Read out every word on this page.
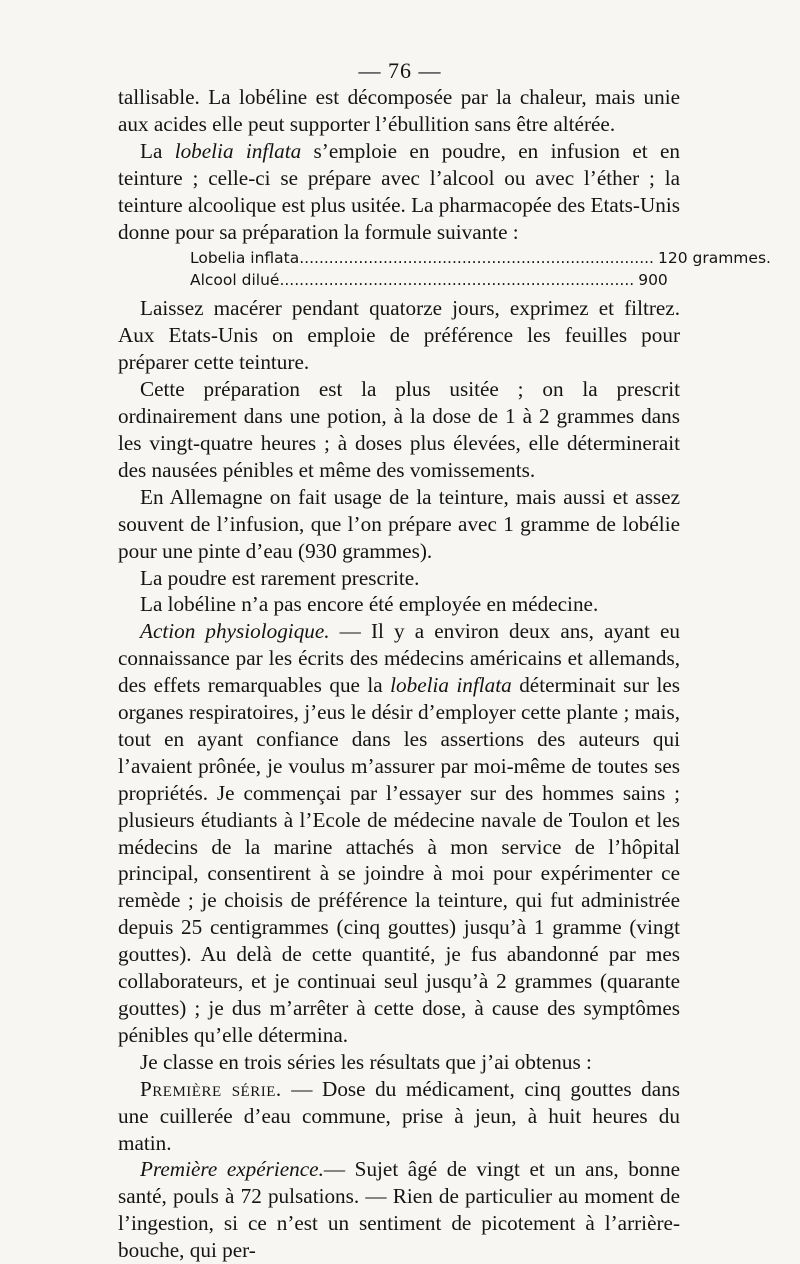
— 76 —

tallisable. La lobéline est décomposée par la chaleur, mais unie aux acides elle peut supporter l’ébullition sans être altérée.

La lobelia inflata s’emploie en poudre, en infusion et en teinture ; celle-ci se prépare avec l’alcool ou avec l’éther ; la teinture alcoolique est plus usitée. La pharmacopée des Etats-Unis donne pour sa préparation la formule suivante :

Lobelia inflata ........................................................................ 120 grammes.
Alcool dilué ........................................................................ 900

Laissez macérer pendant quatorze jours, exprimez et filtrez. Aux Etats-Unis on emploie de préférence les feuilles pour préparer cette teinture.

Cette préparation est la plus usitée ; on la prescrit ordinairement dans une potion, à la dose de 1 à 2 grammes dans les vingt-quatre heures ; à doses plus élevées, elle déterminerait des nausées pénibles et même des vomissements.

En Allemagne on fait usage de la teinture, mais aussi et assez souvent de l’infusion, que l’on prépare avec 1 gramme de lobélie pour une pinte d’eau (930 grammes).

La poudre est rarement prescrite.

La lobéline n’a pas encore été employée en médecine.

Action physiologique. — Il y a environ deux ans, ayant eu connaissance par les écrits des médecins américains et allemands, des effets remarquables que la lobelia inflata déterminait sur les organes respiratoires, j’eus le désir d’employer cette plante ; mais, tout en ayant confiance dans les assertions des auteurs qui l’avaient prônée, je voulus m’assurer par moi-même de toutes ses propriétés. Je commençai par l’essayer sur des hommes sains ; plusieurs étudiants à l’Ecole de médecine navale de Toulon et les médecins de la marine attachés à mon service de l’hôpital principal, consentirent à se joindre à moi pour expérimenter ce remède ; je choisis de préférence la teinture, qui fut administrée depuis 25 centigrammes (cinq gouttes) jusqu’à 1 gramme (vingt gouttes). Au delà de cette quantité, je fus abandonné par mes collaborateurs, et je continuai seul jusqu’à 2 grammes (quarante gouttes) ; je dus m’arrêter à cette dose, à cause des symptômes pénibles qu’elle détermina.

Je classe en trois séries les résultats que j’ai obtenus :

Première série. — Dose du médicament, cinq gouttes dans une cuillerée d’eau commune, prise à jeun, à huit heures du matin.

Première expérience.— Sujet âgé de vingt et un ans, bonne santé, pouls à 72 pulsations. — Rien de particulier au moment de l’ingestion, si ce n’est un sentiment de picotement à l’arrière-bouche, qui per-
